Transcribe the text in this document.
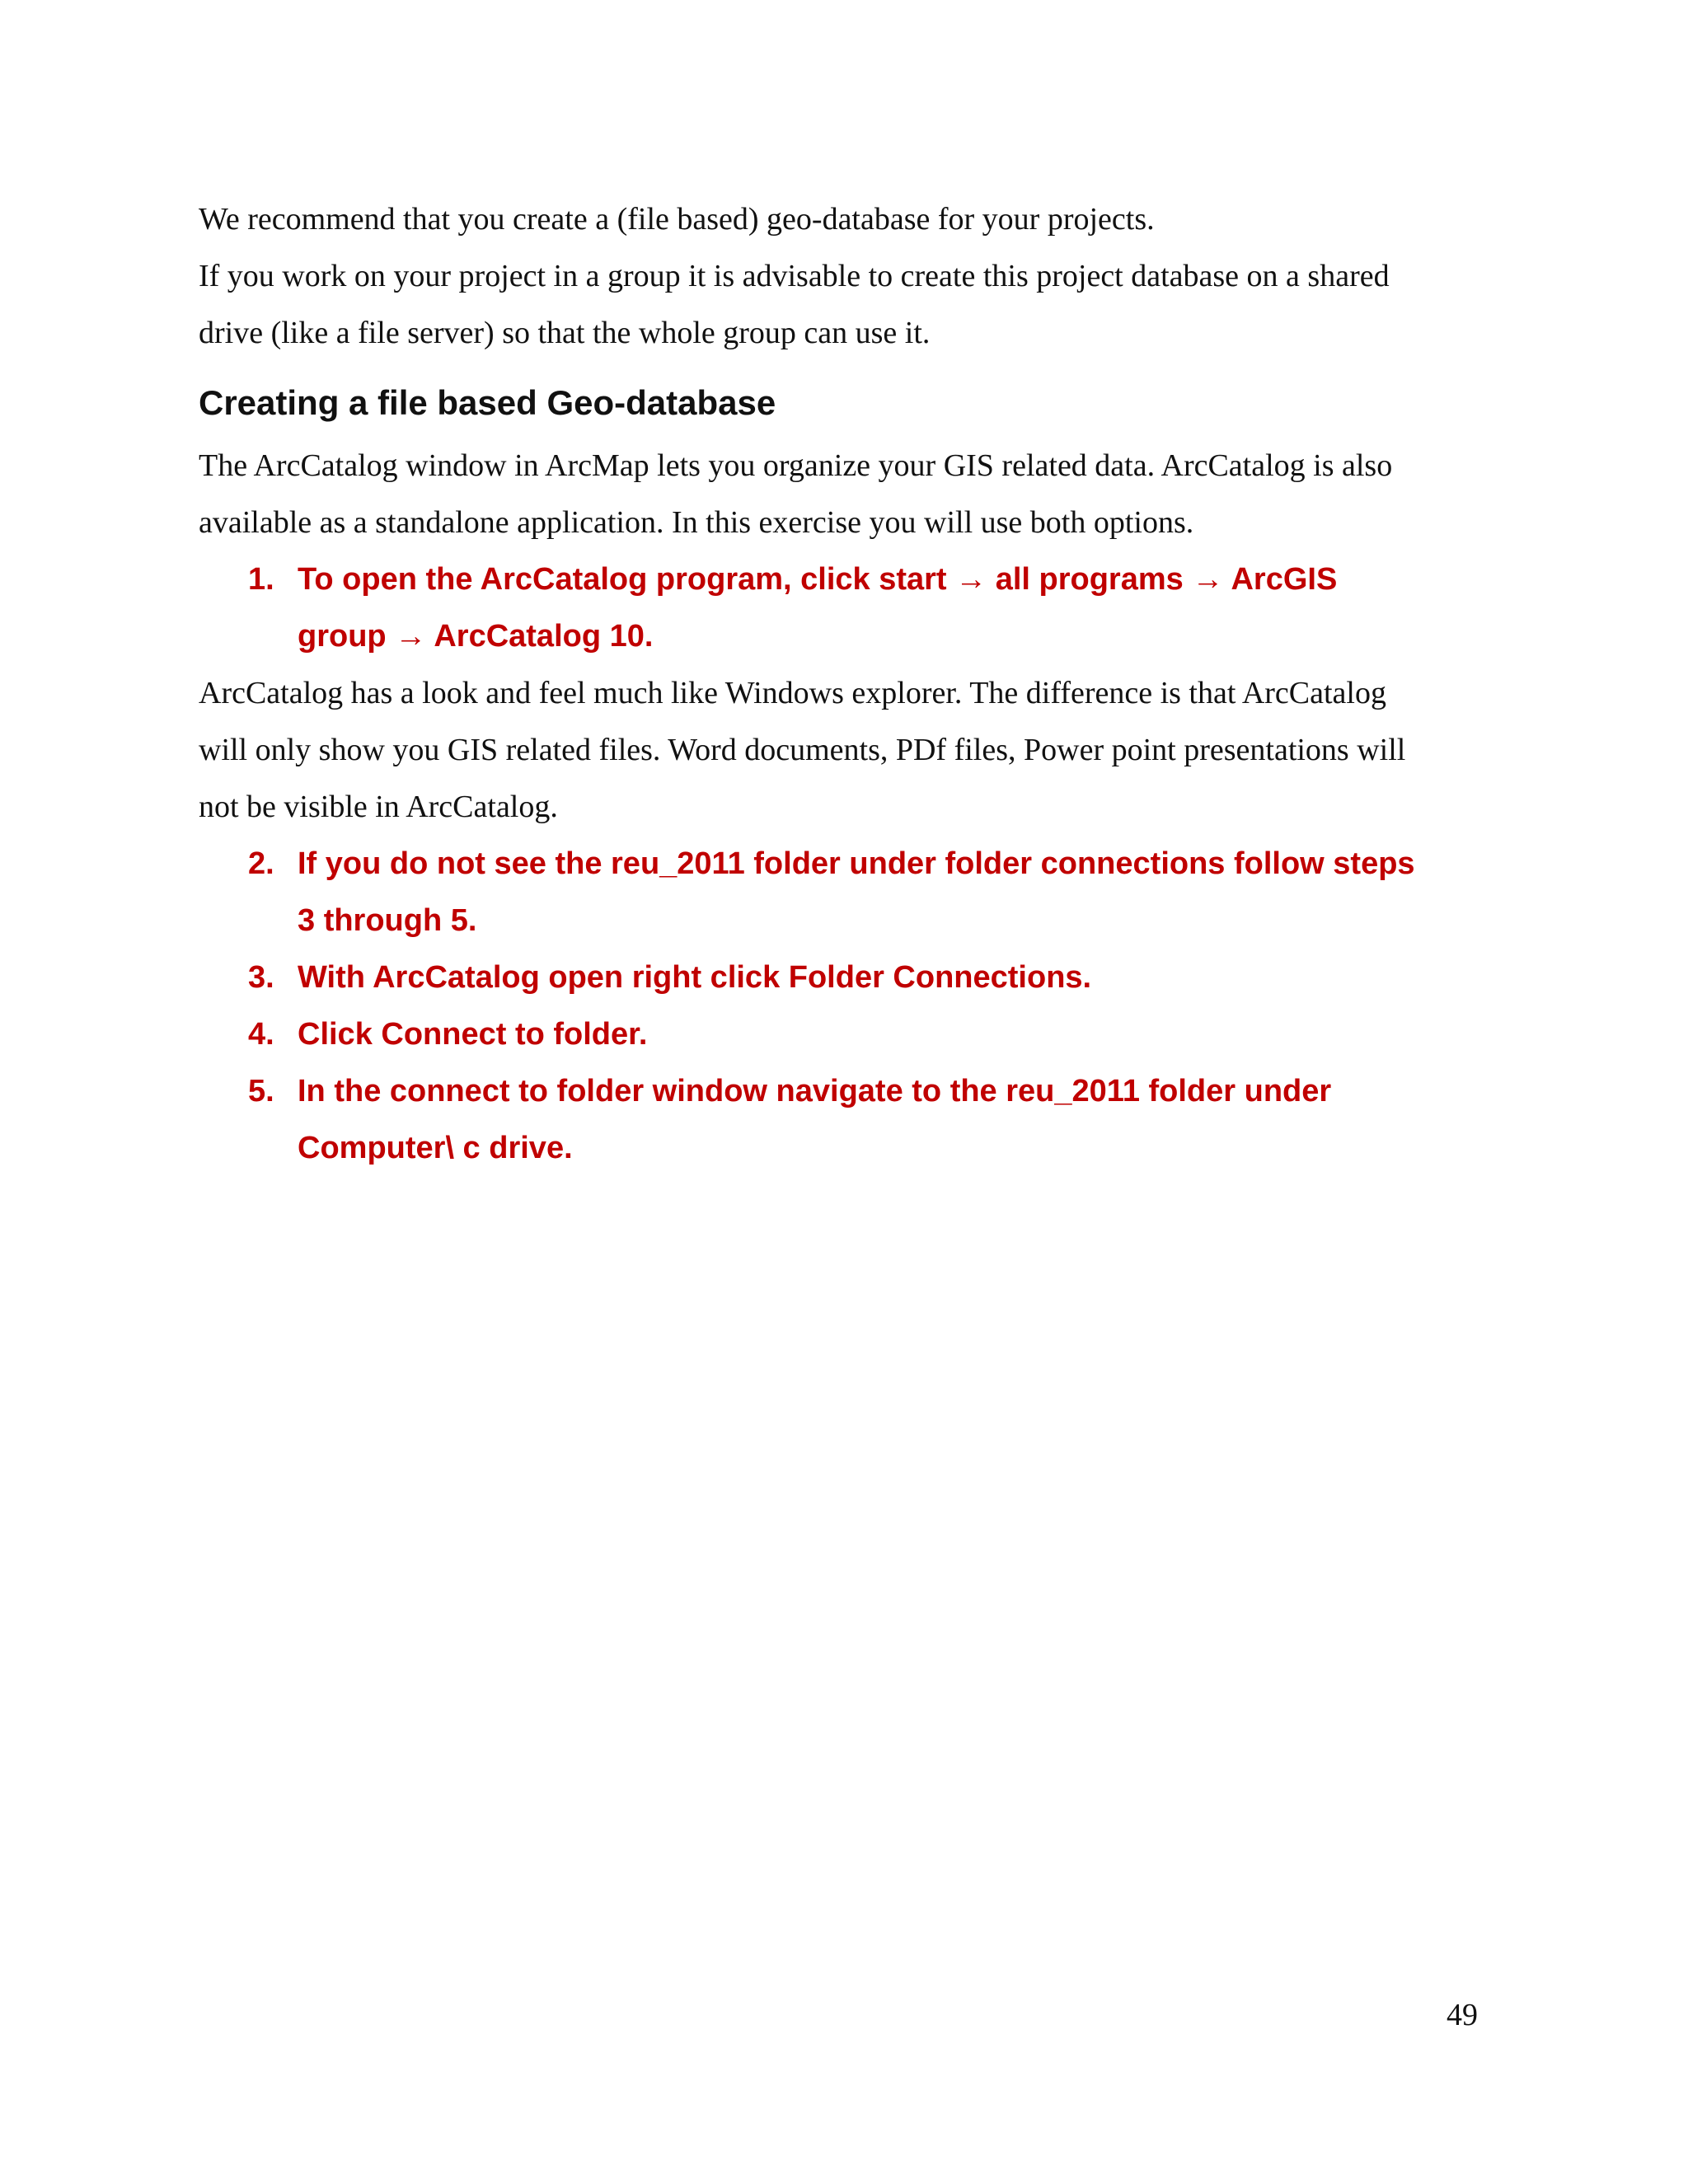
We recommend that you create a (file based) geo-database for your projects.

If you work on your project in a group it is advisable to create this project database on a shared

drive (like a file server) so that the whole group can use it.

Creating a file based Geo-database

The ArcCatalog window in ArcMap lets you organize your GIS related data. ArcCatalog is also

available as a standalone application. In this exercise you will use both options.

1. To open the ArcCatalog program, click start → all programs → ArcGIS
group → ArcCatalog 10.

ArcCatalog has a look and feel much like Windows explorer. The difference is that ArcCatalog

will only show you GIS related files. Word documents, PDf files, Power point presentations will

not be visible in ArcCatalog.

2. If you do not see the reu_2011 folder under folder connections follow steps
3 through 5.
3. With ArcCatalog open right click Folder Connections.
4. Click Connect to folder.
5. In the connect to folder window navigate to the reu_2011 folder under
Computer\ c drive.
49
